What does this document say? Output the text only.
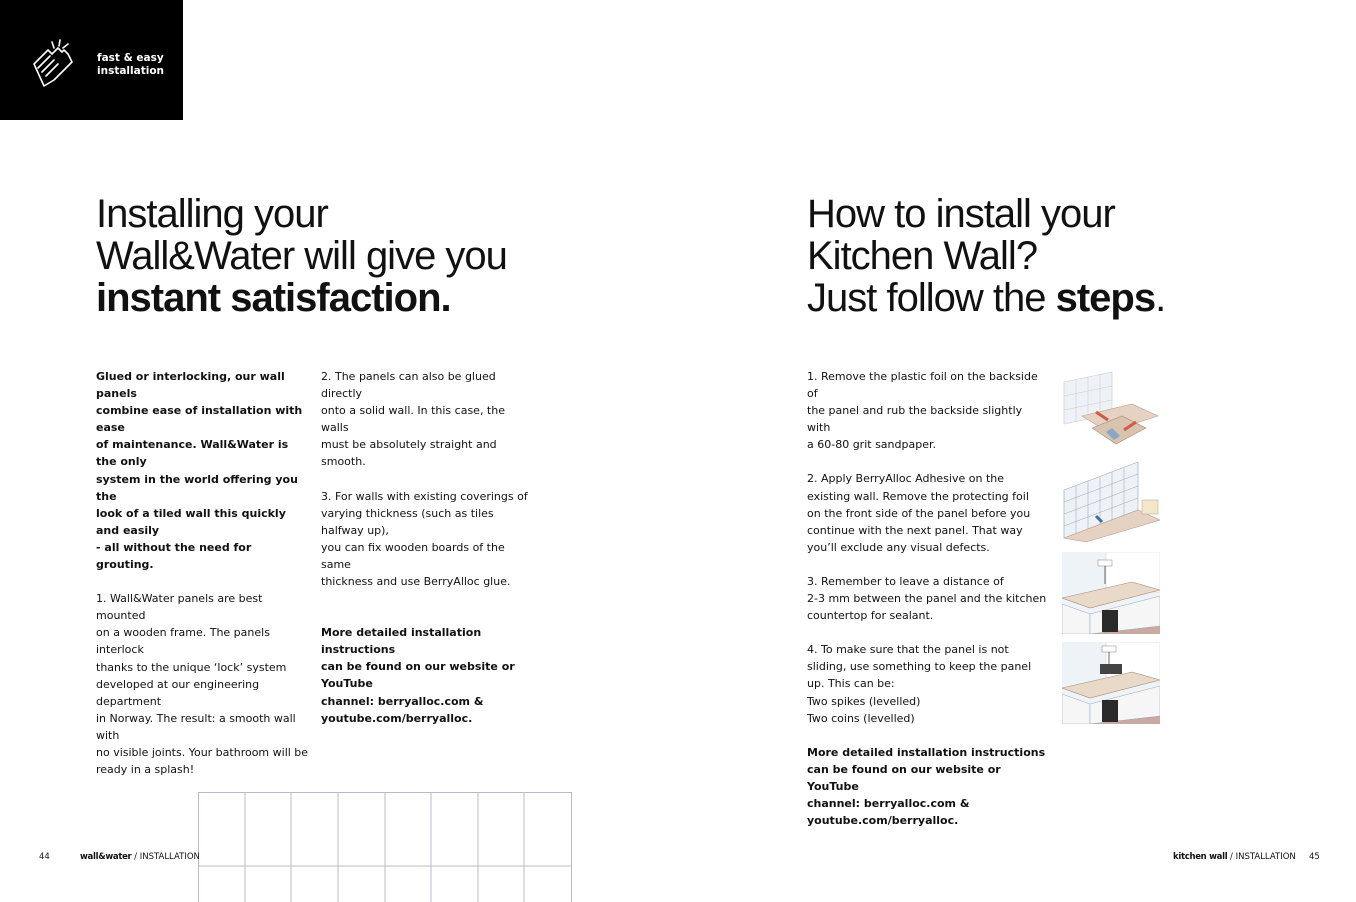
fast & easy
installation
Installing your
Wall&Water will give you
instant satisfaction.

Glued or interlocking, our wall panels
combine ease of installation with ease
of maintenance. Wall&Water is the only
system in the world offering you the
look of a tiled wall this quickly and easily
- all without the need for grouting.

1. Wall&Water panels are best mounted
on a wooden frame. The panels interlock
thanks to the unique ‘lock’ system
developed at our engineering department
in Norway. The result: a smooth wall with
no visible joints. Your bathroom will be
ready in a splash!

2. The panels can also be glued directly
onto a solid wall. In this case, the walls
must be absolutely straight and smooth.

3. For walls with existing coverings of
varying thickness (such as tiles halfway up),
you can fix wooden boards of the same
thickness and use BerryAlloc glue.

More detailed installation instructions
can be found on our website or YouTube
channel: berryalloc.com &
youtube.com/berryalloc.

How to install your
Kitchen Wall?
Just follow the steps.

1. Remove the plastic foil on the backside of
the panel and rub the backside slightly with
a 60-80 grit sandpaper.

2. Apply BerryAlloc Adhesive on the
existing wall. Remove the protecting foil
on the front side of the panel before you
continue with the next panel. That way
you’ll exclude any visual defects.

3. Remember to leave a distance of
2-3 mm between the panel and the kitchen
countertop for sealant.

4. To make sure that the panel is not
sliding, use something to keep the panel
up. This can be:
Two spikes (levelled)
Two coins (levelled)

More detailed installation instructions
can be found on our website or YouTube
channel: berryalloc.com &
youtube.com/berryalloc.

44	wall&water / INSTALLATION	kitchen wall / INSTALLATION 45
